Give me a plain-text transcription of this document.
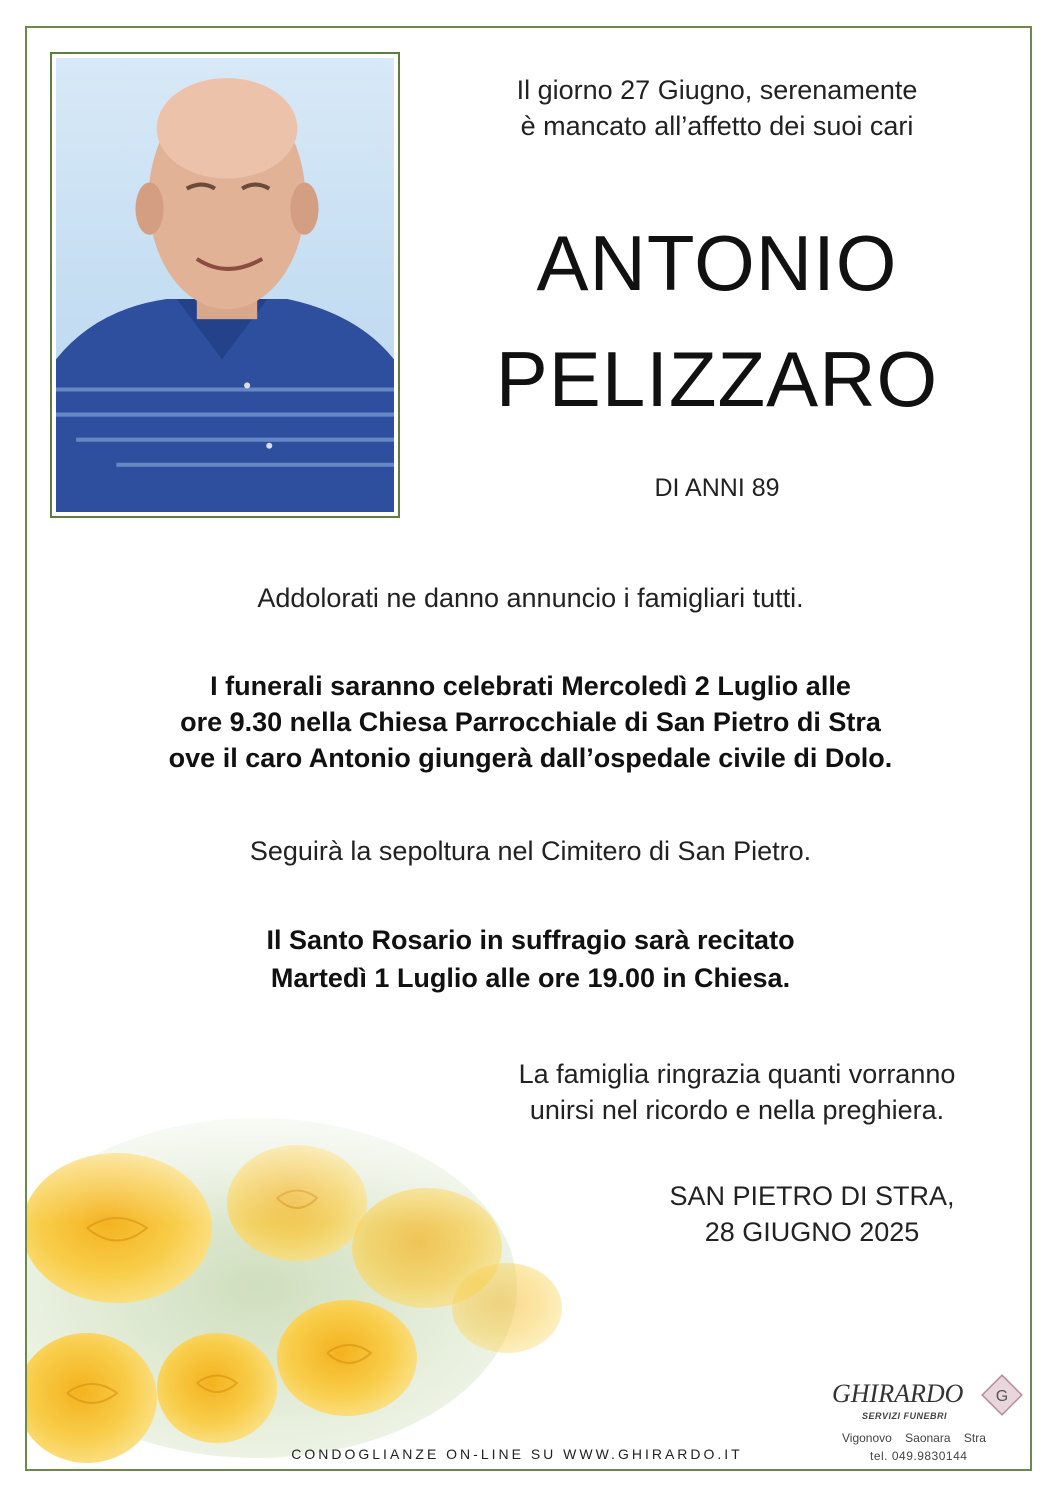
Il giorno 27 Giugno, serenamente
è mancato all’affetto dei suoi cari
ANTONIO
PELIZZARO
DI ANNI 89
Addolorati ne danno annuncio i famigliari tutti.
I funerali saranno celebrati Mercoledì 2 Luglio alle
ore 9.30 nella Chiesa Parrocchiale di San Pietro di Stra
ove il caro Antonio giungerà dall’ospedale civile di Dolo.
Seguirà la sepoltura nel Cimitero di San Pietro.
Il Santo Rosario in suffragio sarà recitato
Martedì 1 Luglio alle ore 19.00 in Chiesa.
La famiglia ringrazia quanti vorranno
unirsi nel ricordo e nella preghiera.
SAN PIETRO DI STRA,
28 GIUGNO 2025
CONDOGLIANZE ON-LINE SU WWW.GHIRARDO.IT
GHIRARDO
SERVIZI FUNEBRI
G
Vigonovo Saonara Stra
tel. 049.9830144
